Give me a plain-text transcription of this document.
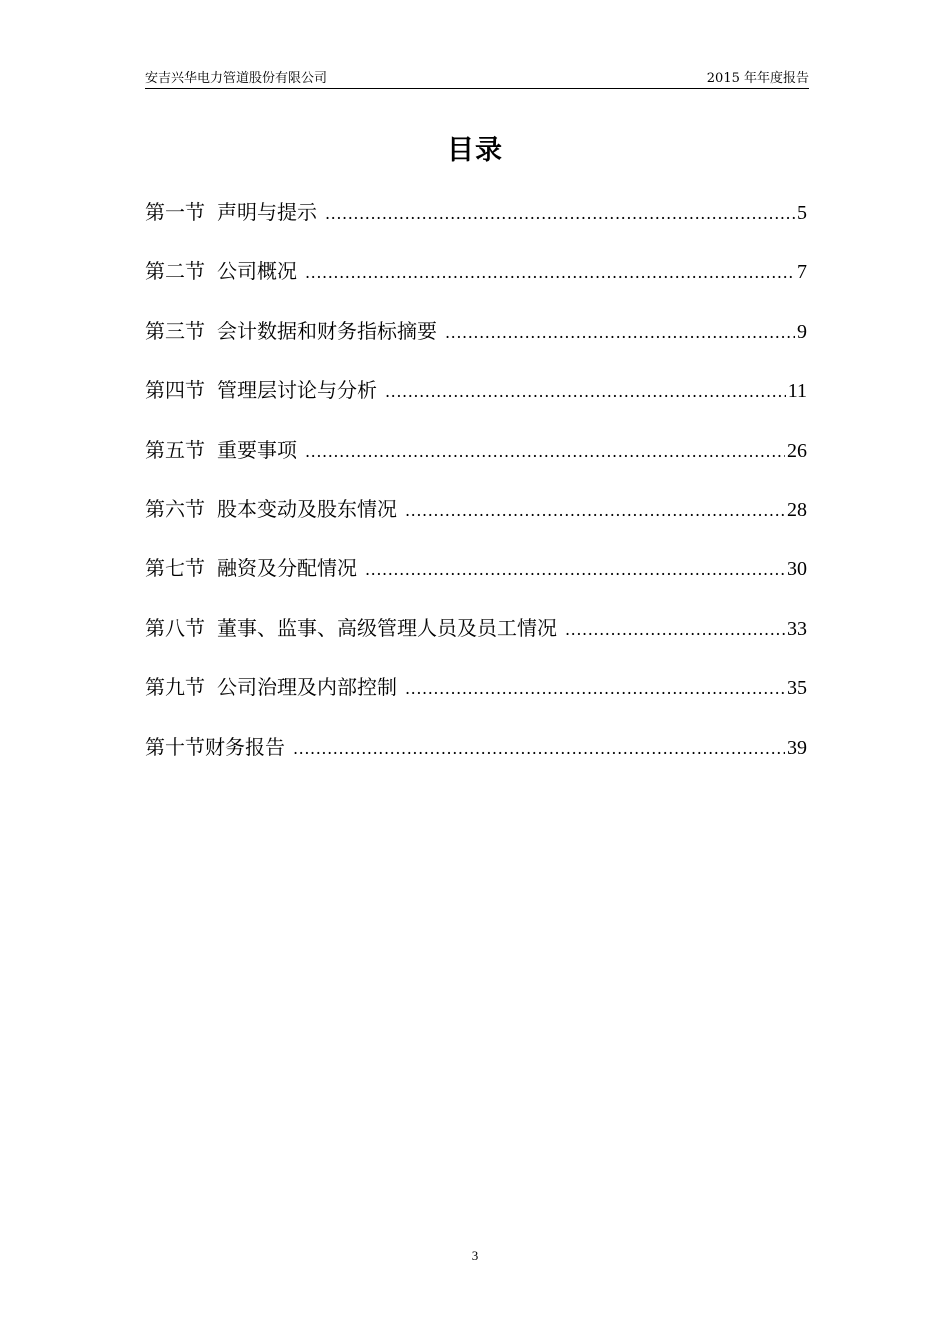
安吉兴华电力管道股份有限公司	2015 年年度报告
目录
第一节 声明与提示 .....	5
第二节 公司概况 .....	7
第三节 会计数据和财务指标摘要 .....	9
第四节 管理层讨论与分析 .....	11
第五节 重要事项 .....	26
第六节 股本变动及股东情况 .....	28
第七节 融资及分配情况 .....	30
第八节 董事、监事、高级管理人员及员工情况 .....	33
第九节 公司治理及内部控制 .....	35
第十节 财务报告 .....	39
3
